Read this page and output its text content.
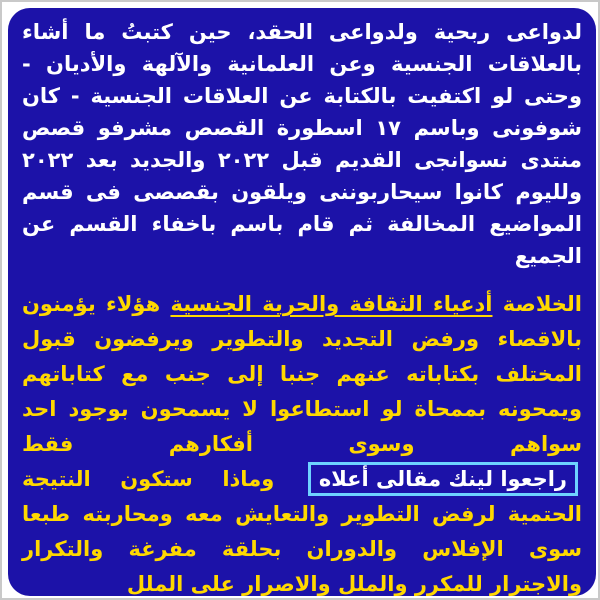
لدواعى ربحية ولدواعى الحقد، حين كتبتُ ما أشاء بالعلاقات الجنسية وعن العلمانية والآلهة والأديان - وحتى لو اكتفيت بالكتابة عن العلاقات الجنسية - كان شوفونى وباسم ١٧ اسطورة القصص مشرفو قصص منتدى نسوانجى القديم قبل ٢٠٢٢ والجديد بعد ٢٠٢٢ ولليوم كانوا سيحاربوننى ويلقون بقصصى فى قسم المواضيع المخالفة ثم قام باسم باخفاء القسم عن الجميع

الخلاصة أدعياء الثقافة والحرية الجنسية هؤلاء يؤمنون بالاقصاء ورفض التجديد والتطوير ويرفضون قبول المختلف بكتاباته عنهم جنبا إلى جنب مع كتاباتهم ويمحونه بممحاة لو استطاعوا لا يسمحون بوجود احد سواهم وسوى أفكارهم فقط راجعوا لينك مقالى أعلاه وماذا ستكون النتيجة الحتمية لرفض التطوير والتعايش معه ومحاربته طبعا سوى الإفلاس والدوران بحلقة مفرغة والتكرار والاجترار للمكرر والملل والاصرار على الملل
